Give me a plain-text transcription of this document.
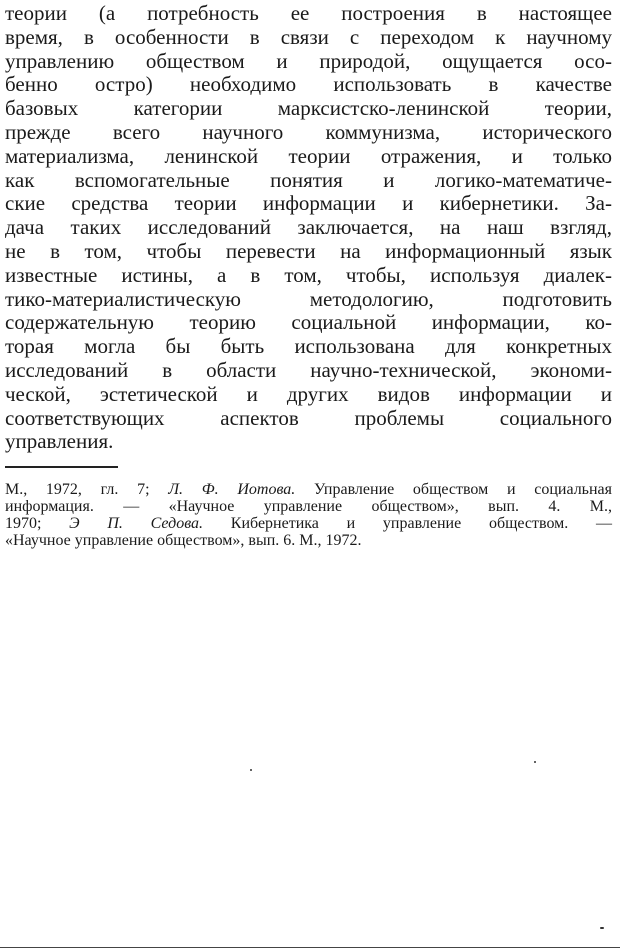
теории (а потребность ее построения в настоящее
время, в особенности в связи с переходом к научному
управлению обществом и природой, ощущается осо-
бенно остро) необходимо использовать в качестве
базовых категории марксистско-ленинской теории,
прежде всего научного коммунизма, исторического
материализма, ленинской теории отражения, и только
как вспомогательные понятия и логико-математиче-
ские средства теории информации и кибернетики. За-
дача таких исследований заключается, на наш взгляд,
не в том, чтобы перевести на информационный язык
известные истины, а в том, чтобы, используя диалек-
тико-материалистическую методологию, подготовить
содержательную теорию социальной информации, ко-
торая могла бы быть использована для конкретных
исследований в области научно-технической, экономи-
ческой, эстетической и других видов информации и
соответствующих аспектов проблемы социального
управления.
М., 1972, гл. 7; Л. Ф. Иотова. Управление обществом и социальная
информация. — «Научное управление обществом», вып. 4. М.,
1970; Э П. Седова. Кибернетика и управление обществом. —
«Научное управление обществом», вып. 6. М., 1972.
